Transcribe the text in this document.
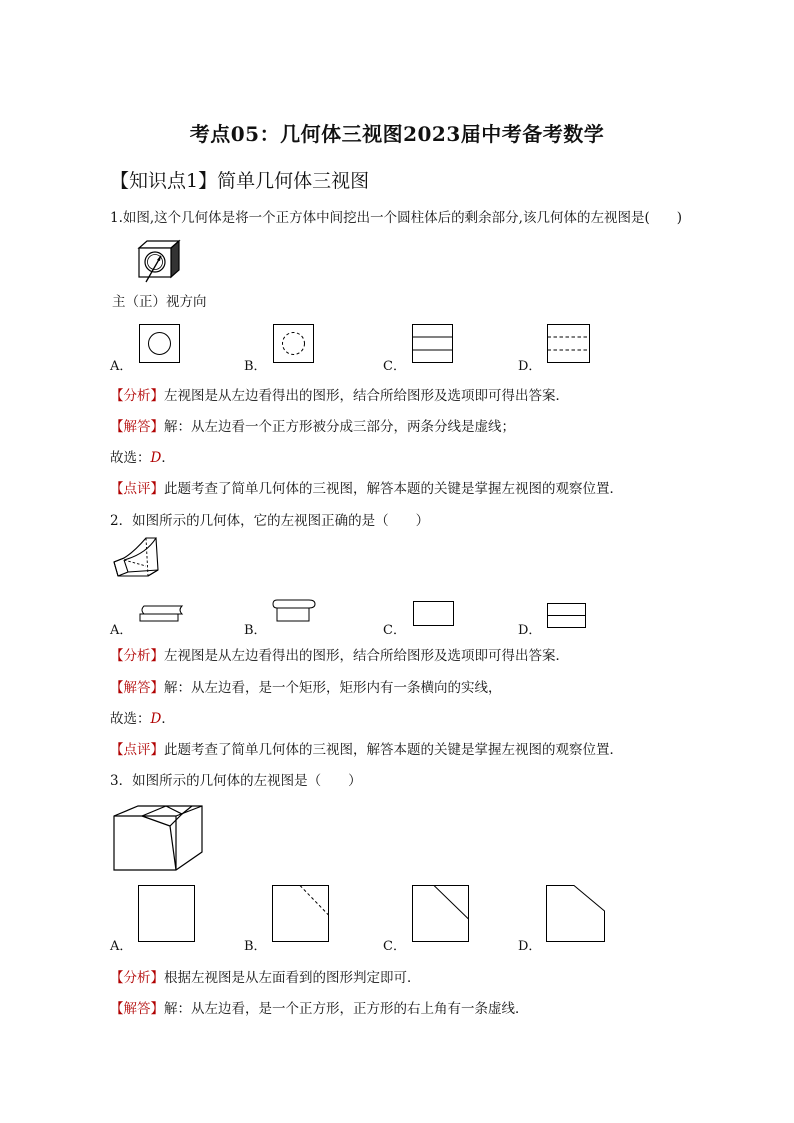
考点05：几何体三视图2023届中考备考数学
【知识点1】简单几何体三视图
1.如图,这个几何体是将一个正方体中间挖出一个圆柱体后的剩余部分,该几何体的左视图是(　　)
主（正）视方向
A．	B．	C．	D．
【分析】左视图是从左边看得出的图形，结合所给图形及选项即可得出答案．
【解答】解：从左边看一个正方形被分成三部分，两条分线是虚线；
故选：D．
【点评】此题考查了简单几何体的三视图，解答本题的关键是掌握左视图的观察位置．
2．如图所示的几何体，它的左视图正确的是（　　）
A．	B．	C．	D．
【分析】左视图是从左边看得出的图形，结合所给图形及选项即可得出答案．
【解答】解：从左边看，是一个矩形，矩形内有一条横向的实线，
故选：D．
【点评】此题考查了简单几何体的三视图，解答本题的关键是掌握左视图的观察位置．
3．如图所示的几何体的左视图是（　　）
A．	B．	C．	D．
【分析】根据左视图是从左面看到的图形判定即可．
【解答】解：从左边看，是一个正方形，正方形的右上角有一条虚线．
